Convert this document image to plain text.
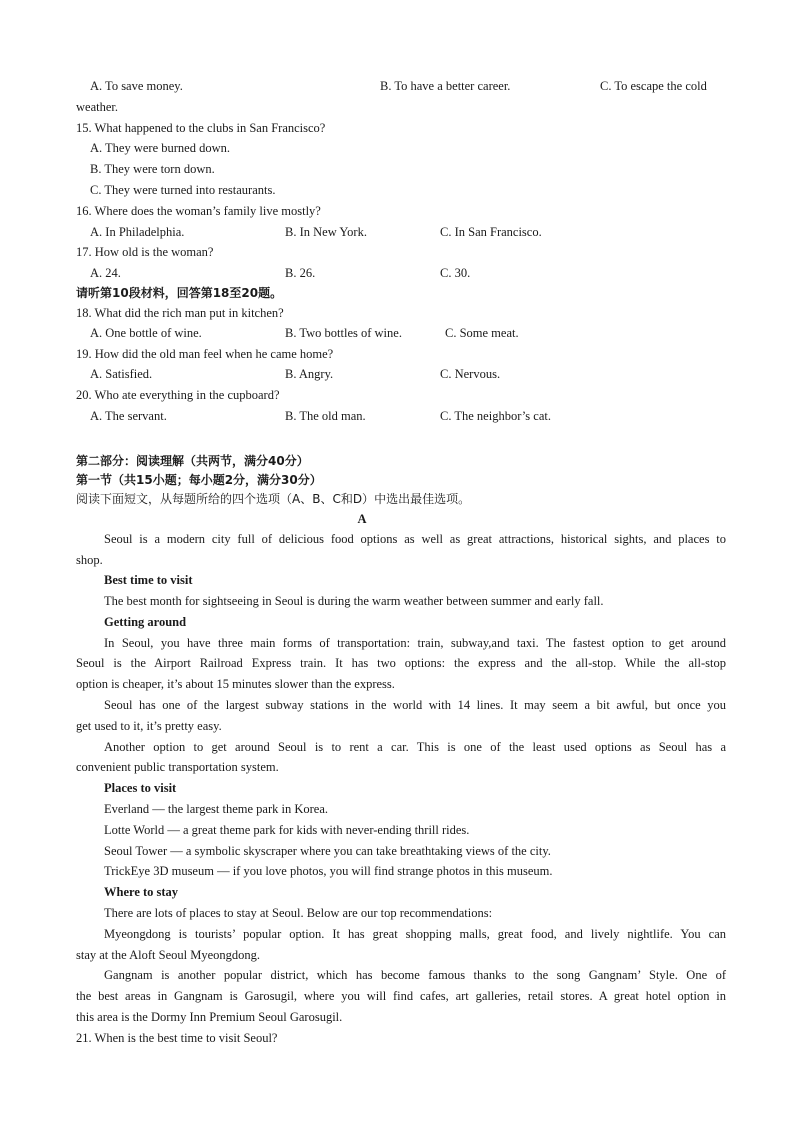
A. To save money.	B. To have a better career.	C. To escape the cold
weather.
15. What happened to the clubs in San Francisco?
A. They were burned down.
B. They were torn down.
C. They were turned into restaurants.
16. Where does the woman’s family live mostly?
A. In Philadelphia.	B. In New York.	C. In San Francisco.
17. How old is the woman?
A. 24.	B. 26.	C. 30.
请听第10段材料，回答第18至20题。
18. What did the rich man put in kitchen?
A. One bottle of wine.	B. Two bottles of wine.	C. Some meat.
19. How did the old man feel when he came home?
A. Satisfied.	B. Angry.	C. Nervous.
20. Who ate everything in the cupboard?
A. The servant.	B. The old man.	C. The neighbor’s cat.
第二部分：阅读理解（共两节，满分40分）
第一节（共15小题；每小题2分，满分30分）
阅读下面短文，从每题所给的四个选项（A、B、C和D）中选出最佳选项。
A
Seoul is a modern city full of delicious food options as well as great attractions, historical sights, and places to
shop.
Best time to visit
The best month for sightseeing in Seoul is during the warm weather between summer and early fall.
Getting around
In Seoul, you have three main forms of transportation: train, subway,and taxi. The fastest option to get around
Seoul is the Airport Railroad Express train. It has two options: the express and the all-stop. While the all-stop
option is cheaper, it’s about 15 minutes slower than the express.
Seoul has one of the largest subway stations in the world with 14 lines. It may seem a bit awful, but once you
get used to it, it’s pretty easy.
Another option to get around Seoul is to rent a car. This is one of the least used options as Seoul has a
convenient public transportation system.
Places to visit
Everland — the largest theme park in Korea.
Lotte World — a great theme park for kids with never-ending thrill rides.
Seoul Tower — a symbolic skyscraper where you can take breathtaking views of the city.
TrickEye 3D museum — if you love photos, you will find strange photos in this museum.
Where to stay
There are lots of places to stay at Seoul. Below are our top recommendations:
Myeongdong is tourists’ popular option. It has great shopping malls, great food, and lively nightlife. You can
stay at the Aloft Seoul Myeongdong.
Gangnam is another popular district, which has become famous thanks to the song Gangnam’ Style. One of
the best areas in Gangnam is Garosugil, where you will find cafes, art galleries, retail stores. A great hotel option in
this area is the Dormy Inn Premium Seoul Garosugil.
21. When is the best time to visit Seoul?
